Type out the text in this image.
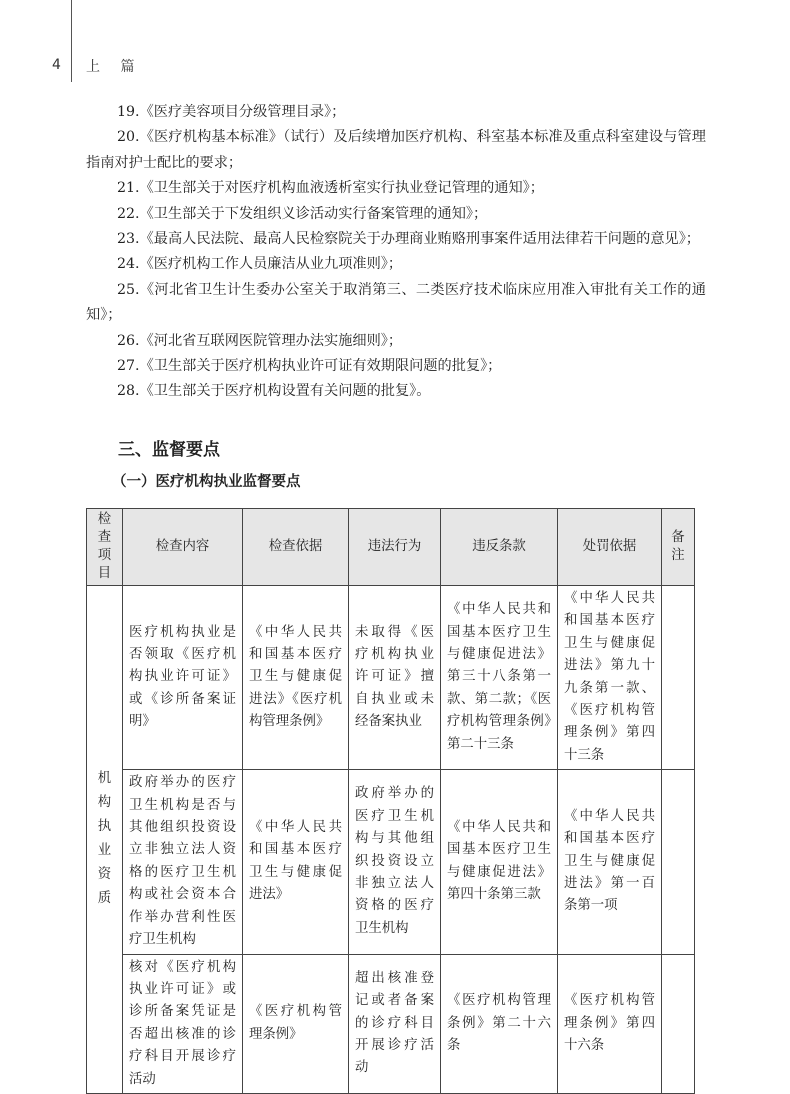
4 上 篇

19.《医疗美容项目分级管理目录》；

20.《医疗机构基本标准》（试行）及后续增加医疗机构、科室基本标准及重点科室建设与管理指南对护士配比的要求；

21.《卫生部关于对医疗机构血液透析室实行执业登记管理的通知》；

22.《卫生部关于下发组织义诊活动实行备案管理的通知》；

23.《最高人民法院、最高人民检察院关于办理商业贿赂刑事案件适用法律若干问题的意见》；

24.《医疗机构工作人员廉洁从业九项准则》；

25.《河北省卫生计生委办公室关于取消第三、二类医疗技术临床应用准入审批有关工作的通知》；

26.《河北省互联网医院管理办法实施细则》；

27.《卫生部关于医疗机构执业许可证有效期限问题的批复》；

28.《卫生部关于医疗机构设置有关问题的批复》。

三、监督要点
（一）医疗机构执业监督要点
检查项目	检查内容	检查依据	违法行为	违反条款	处罚依据	备注
机构执业资质	医疗机构执业是否领取《医疗机构执业许可证》或《诊所备案证明》	《中华人民共和国基本医疗卫生与健康促进法》《医疗机构管理条例》	未取得《医疗机构执业许可证》擅自执业或未经备案执业	《中华人民共和国基本医疗卫生与健康促进法》第三十八条第一款、第二款；《医疗机构管理条例》第二十三条	《中华人民共和国基本医疗卫生与健康促进法》第九十九条第一款、《医疗机构管理条例》第四十三条	
	政府举办的医疗卫生机构是否与其他组织投资设立非独立法人资格的医疗卫生机构或社会资本合作举办营利性医疗卫生机构	《中华人民共和国基本医疗卫生与健康促进法》	政府举办的医疗卫生机构与其他组织投资设立非独立法人资格的医疗卫生机构	《中华人民共和国基本医疗卫生与健康促进法》第四十条第三款	《中华人民共和国基本医疗卫生与健康促进法》第一百条第一项	
	核对《医疗机构执业许可证》或诊所备案凭证是否超出核准的诊疗科目开展诊疗活动	《医疗机构管理条例》	超出核准登记或者备案的诊疗科目开展诊疗活动	《医疗机构管理条例》第二十六条	《医疗机构管理条例》第四十六条	
